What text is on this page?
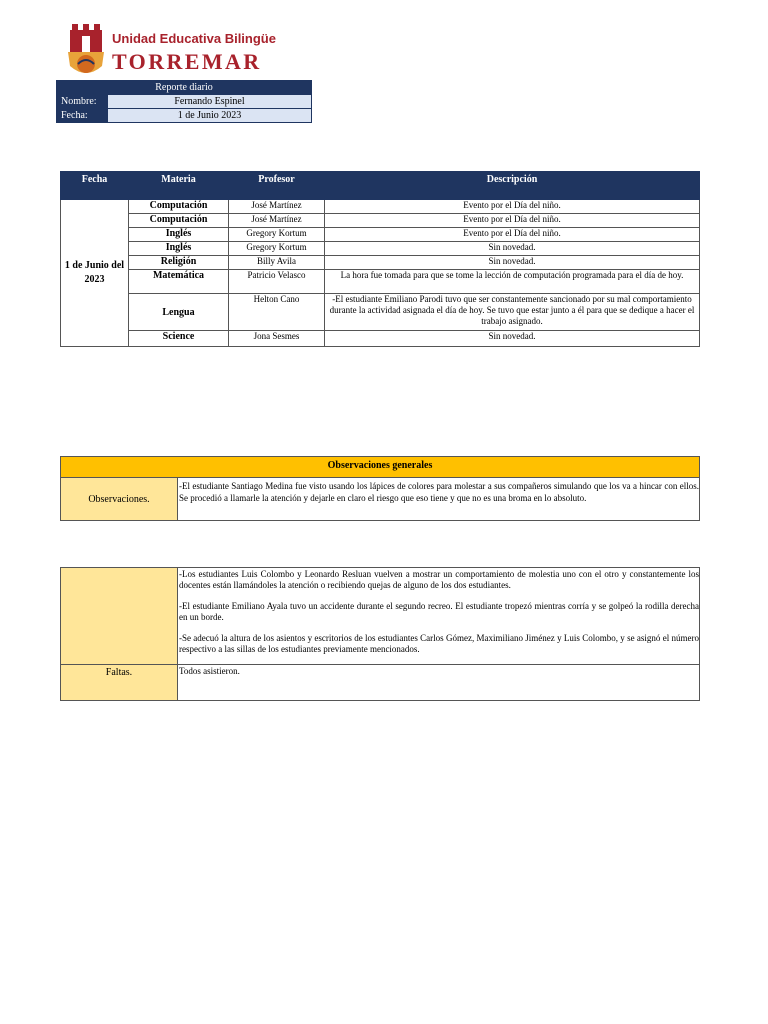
Unidad Educativa Bilingüe
TORREMAR
Reporte diario	
Nombre:	Fernando Espinel
Fecha:	1 de Junio 2023
Fecha	Materia	Profesor	Descripción
1 de Junio del 2023	Computación	José Martínez	Evento por el Día del niño.
	Computación	José Martínez	Evento por el Día del niño.
	Inglés	Gregory Kortum	Evento por el Día del niño.
	Inglés	Gregory Kortum	Sin novedad.
	Religión	Billy Avila	Sin novedad.
	Matemática	Patricio Velasco	La hora fue tomada para que se tome la lección de computación programada para el día de hoy.
	Lengua	Helton Cano	-El estudiante Emiliano Parodi tuvo que ser constantemente sancionado por su mal comportamiento durante la actividad asignada el día de hoy. Se tuvo que estar junto a él para que se dedique a hacer el trabajo asignado.
	Science	Jona Sesmes	Sin novedad.
Observaciones generales
Observaciones.	-El estudiante Santiago Medina fue visto usando los lápices de colores para molestar a sus compañeros simulando que los va a hincar con ellos. Se procedió a llamarle la atención y dejarle en claro el riesgo que eso tiene y que no es una broma en lo absoluto.

	-Los estudiantes Luis Colombo y Leonardo Resluan vuelven a mostrar un comportamiento de molestia uno con el otro y constantemente los docentes están llamándoles la atención o recibiendo quejas de alguno de los dos estudiantes.

-El estudiante Emiliano Ayala tuvo un accidente durante el segundo recreo. El estudiante tropezó mientras corría y se golpeó la rodilla derecha en un borde.

-Se adecuó la altura de los asientos y escritorios de los estudiantes Carlos Gómez, Maximiliano Jiménez y Luis Colombo, y se asignó el número respectivo a las sillas de los estudiantes previamente mencionados.

Faltas.	Todos asistieron.
